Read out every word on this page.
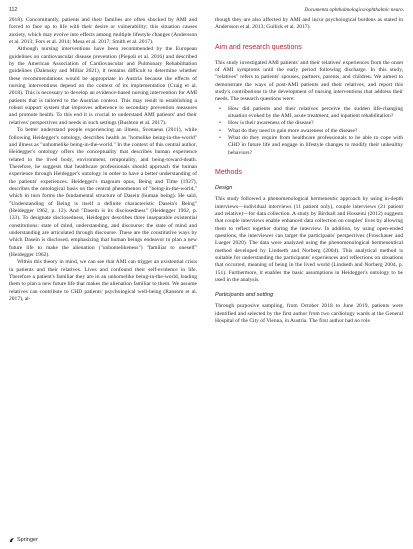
112	Documenta ophthalmologica/ophthalmic neuro.

2018). Concomitantly, patients and their families are often shocked by AMI and forced to face up to life with their desire or vulnerability; this situation causes anxiety, which may evolve into effects among multiple lifestyle changes (Andersson et al. 2013; Fors et al. 2014; Mesa et al. 2017; Smith et al. 2017).

Although nursing interventions have been recommended by the European guidelines on cardiovascular disease prevention (Piepoli et al. 2016) and described by the American Association of Cardiovascular and Pulmonary Rehabilitation guidelines (Dalensky and Millar 2021), it remains difficult to determine whether these recommendations would be appropriate in Austria because the effects of nursing interventions depend on the context of its implementation (Craig et al. 2018). This is necessary to develop an evidence-based nursing intervention for AMI patients that is tailored to the Austrian context. This may result in establishing a robust support system that improves adherence to secondary prevention measures and promote health. To this end it is crucial to understand AMI patients' and their relatives' perspectives and needs in such settings (Rushton et al. 2017).

To better understand people experiencing an illness, Svenaeus (2011), while following Heidegger's ontology, describes health as "homelike being-in-the-world" and illness as "unhomelike being-in-the-world." In the context of this central author, Heidegger's ontology offers the conceptuality that describes human experience related to the lived body, environment, temporality, and being-toward-death. Therefore, he suggests that healthcare professionals should approach the human experience through Heidegger's ontology in order to have a better understanding of the patients' experiences. Heidegger's magnum opus, Being and Time (1927), describes the ontological basis on the central phenomenon of "being-in-the-world," which in turn forms the fundamental structure of Dasein (human being). He said, "Understanding of Being is itself a definite characteristic Dasein's Being" (Heidegger 1962, p. 12). And "Dasein is its disclosedness" (Heidegger 1962, p. 133). To designate disclosedness, Heidegger describes three inseparable existential constitutions: state of mind, understanding, and discourse; the state of mind and understanding are articulated through discourse. These are the constitutive ways by which Dasein is disclosed, emphasizing that human beings endeavor to plan a new future life to make the alienation ("unhomelikeness") "familiar to oneself" (Heidegger 1962).

Within this theory in mind, we can see that AMI can trigger an existential crisis in patients and their relatives. Lives and confound their self-evidence in life. Therefore a patient's familiar they are in an unhomelike being-in-the-world, leading them to plan a new future life that makes the alienation familiar to them. We assume relatives can contribute to CHD patients' psychological well-being (Ransom et al. 2017), al-

though they are also affected by AMI and incur psychological burdens as stated in Andersson et al. 2013; Gullick et al. 2017).

Aim and research questions

This study investigated AMI patients' and their relatives' experiences from the onset of AMI symptoms until the early period following discharge. In this study, "relatives" refers to patients' spouses, partners, parents, and children. We aimed to demonstrate the ways of post-AMI patients and their relatives, and report this study's contributions to the development of nursing interventions that address their needs. The research questions were:

• How did patients and their relatives perceive the sudden life-changing situation evoked by the AMI, acute treatment, and inpatient rehabilitation?
• How is their awareness of the disease?
• What do they need to gain more awareness of the disease?
• What do they require from healthcare professionals to be able to cope with CHD in future life and engage in lifestyle changes to modify their unhealthy behaviors?
Methods
Design

This study followed a phenomenological hermeneutic approach by using in-depth interviews—individual interviews (11 patient only), couple interviews (21 patient and relative)—for data collection. A study by Birdsall and Hosseini (2012) suggests that couple interviews enable enhanced data collection on couples' lives by allowing them to reflect together during the interview. In addition, by using open-ended questions, the interviewer can target the participants' perspectives (Froschauer and Lueger 2020). The data were analyzed using the phenomenological hermeneutical method developed by Lindseth and Norberg (2004). This analytical method is suitable for understanding the participants' experiences and reflections on situations that occurred, meaning of being in the lived world (Lindseth and Norberg 2004, p. 151). Furthermore, it enables the basic assumptions in Heidegger's ontology to be used in the analysis.

Participants and setting

Through purposive sampling, from October 2018 to June 2019, patients were identified and selected by the first author from two cardiology wards at the General Hospital of the City of Vienna, in Austria. The first author had no role

Springer
